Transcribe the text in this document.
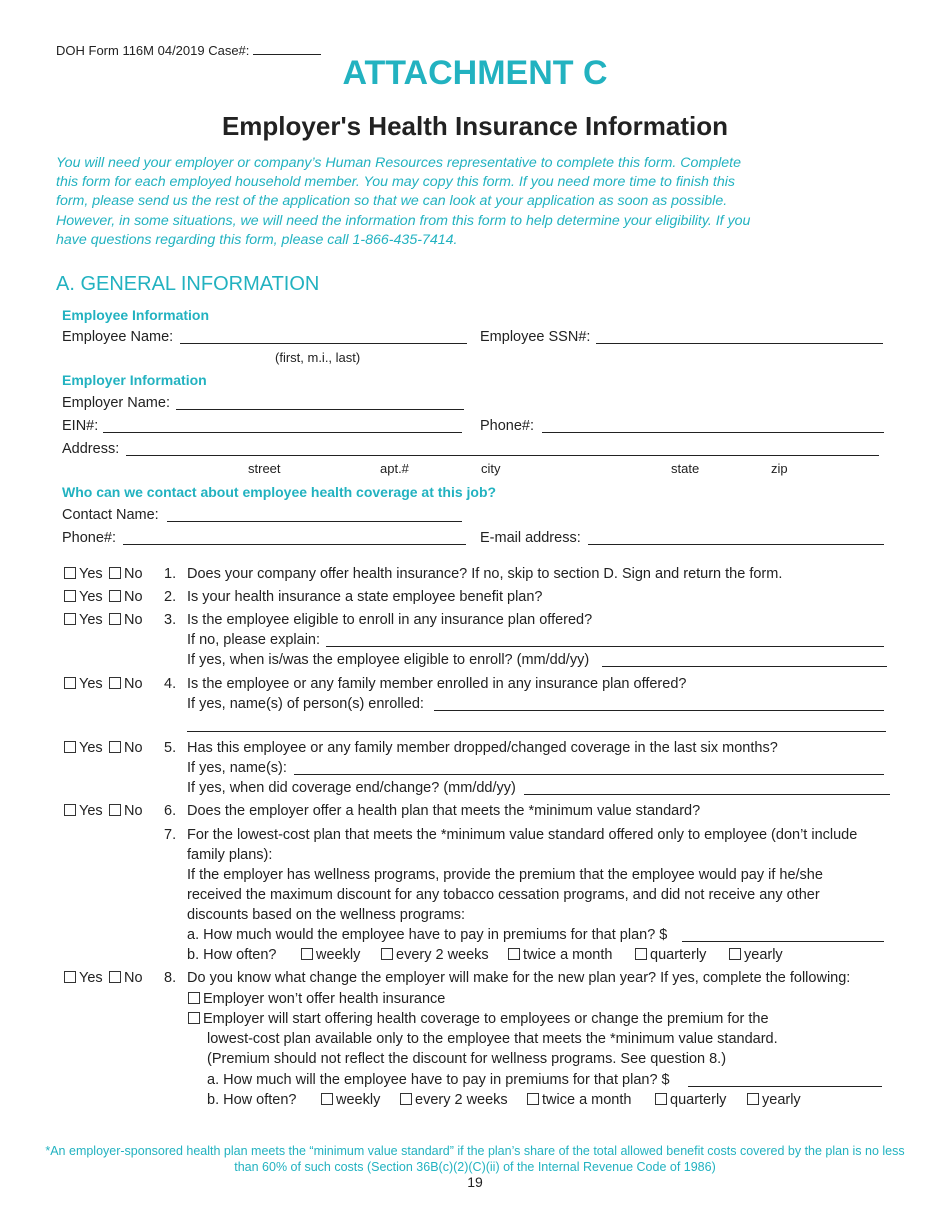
DOH Form 116M 04/2019 Case#:
ATTACHMENT C
Employer's Health Insurance Information
You will need your employer or company’s Human Resources representative to complete this form. Complete this form for each employed household member. You may copy this form. If you need more time to finish this form, please send us the rest of the application so that we can look at your application as soon as possible. However, in some situations, we will need the information from this form to help determine your eligibility. If you have questions regarding this form, please call 1-866-435-7414.
A. GENERAL INFORMATION
Employee Information
Employee Name:	Employee SSN#:
(first, m.i., last)
Employer Information
Employer Name:
EIN#:	Phone#:
Address:
street	apt.#	city	state	zip
Who can we contact about employee health coverage at this job?
Contact Name:
Phone#:	E-mail address:
Yes	No 1. Does your company offer health insurance? If no, skip to section D. Sign and return the form.
Yes	No 2. Is your health insurance a state employee benefit plan?
Yes	No 3. Is the employee eligible to enroll in any insurance plan offered?
If no, please explain:
If yes, when is/was the employee eligible to enroll? (mm/dd/yy)
Yes	No 4. Is the employee or any family member enrolled in any insurance plan offered?
If yes, name(s) of person(s) enrolled:
Yes	No 5. Has this employee or any family member dropped/changed coverage in the last six months?
If yes, name(s):
If yes, when did coverage end/change? (mm/dd/yy)
Yes	No 6. Does the employer offer a health plan that meets the *minimum value standard?
7. For the lowest-cost plan that meets the *minimum value standard offered only to employee (don’t include
family plans):
If the employer has wellness programs, provide the premium that the employee would pay if he/she
received the maximum discount for any tobacco cessation programs, and did not receive any other
discounts based on the wellness programs:
a. How much would the employee have to pay in premiums for that plan? $
b. How often?	weekly	every 2 weeks	twice a month	quarterly	yearly
Yes	No 8. Do you know what change the employer will make for the new plan year? If yes, complete the following:
Employer won’t offer health insurance
Employer will start offering health coverage to employees or change the premium for the
lowest-cost plan available only to the employee that meets the *minimum value standard.
(Premium should not reflect the discount for wellness programs. See question 8.)
a. How much will the employee have to pay in premiums for that plan? $
b. How often?	weekly	every 2 weeks	twice a month	quarterly	yearly
*An employer-sponsored health plan meets the “minimum value standard” if the plan’s share of the total allowed benefit costs covered by the plan is no less than 60% of such costs (Section 36B(c)(2)(C)(ii) of the Internal Revenue Code of 1986)
19
